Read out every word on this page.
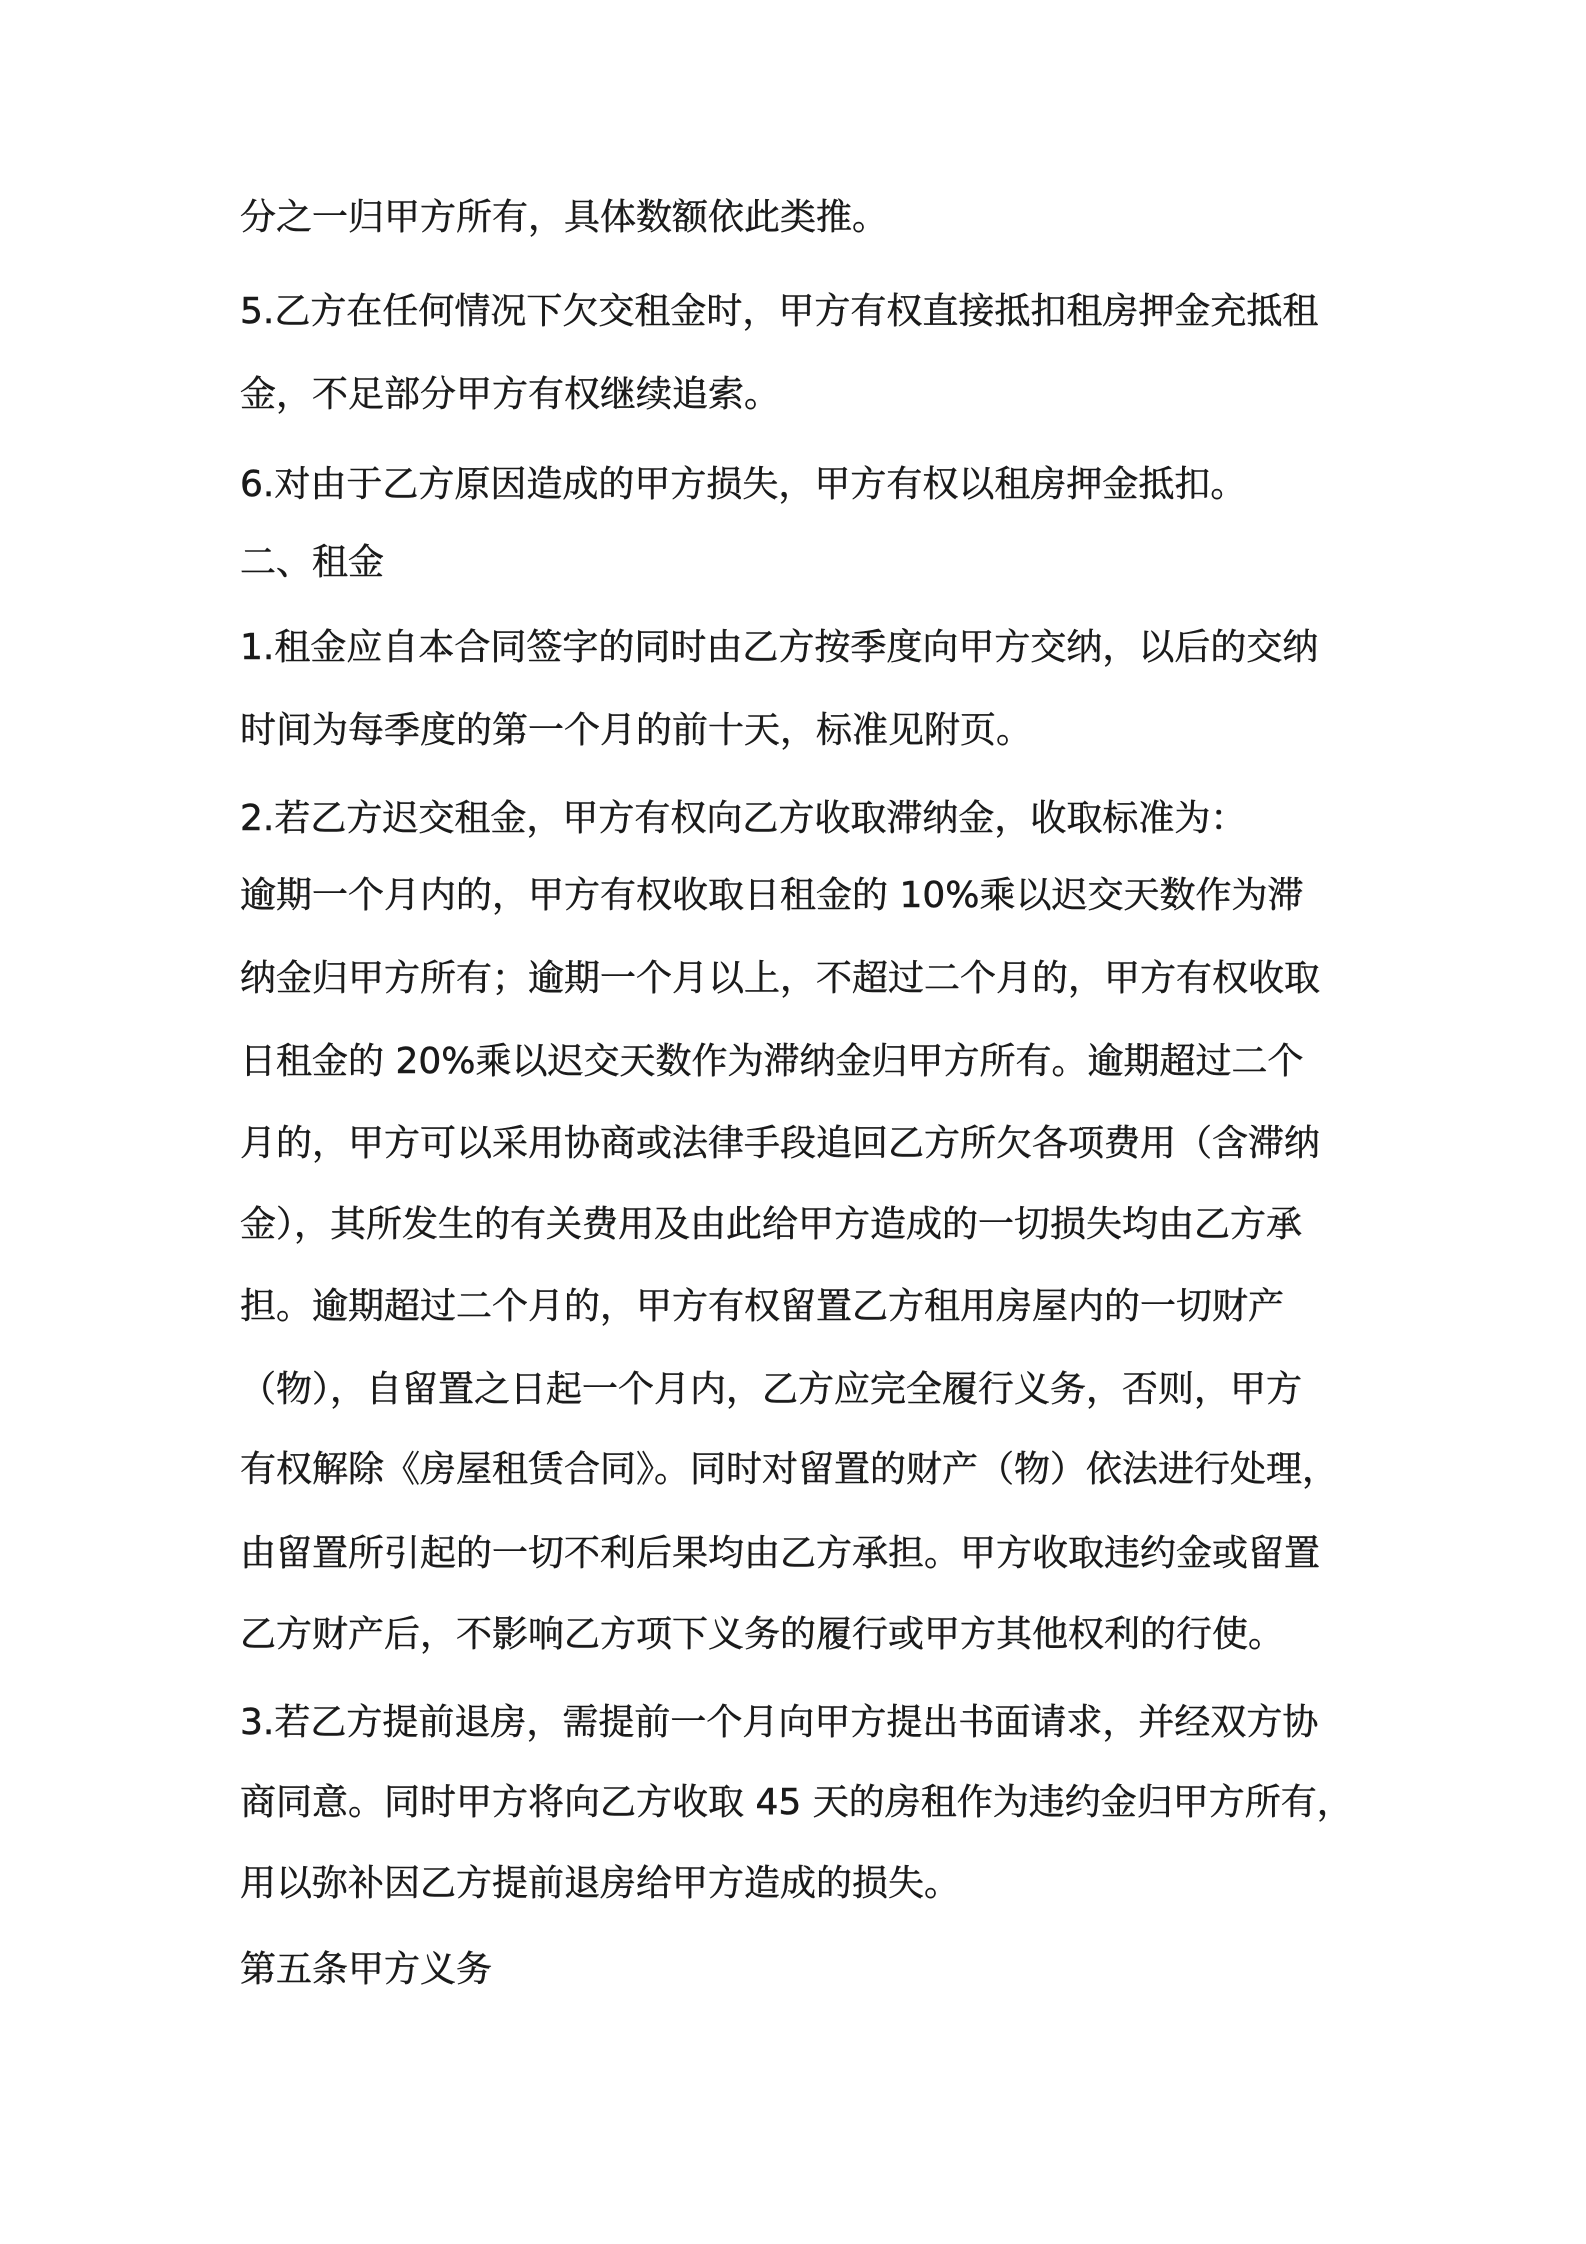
分之一归甲方所有，具体数额依此类推。
5.乙方在任何情况下欠交租金时，甲方有权直接抵扣租房押金充抵租
金，不足部分甲方有权继续追索。
6.对由于乙方原因造成的甲方损失，甲方有权以租房押金抵扣。
二、租金
1.租金应自本合同签字的同时由乙方按季度向甲方交纳，以后的交纳
时间为每季度的第一个月的前十天，标准见附页。
2.若乙方迟交租金，甲方有权向乙方收取滞纳金，收取标准为：
逾期一个月内的，甲方有权收取日租金的 10%乘以迟交天数作为滞
纳金归甲方所有；逾期一个月以上，不超过二个月的，甲方有权收取
日租金的 20%乘以迟交天数作为滞纳金归甲方所有。逾期超过二个
月的，甲方可以采用协商或法律手段追回乙方所欠各项费用（含滞纳
金），其所发生的有关费用及由此给甲方造成的一切损失均由乙方承
担。逾期超过二个月的，甲方有权留置乙方租用房屋内的一切财产
（物），自留置之日起一个月内，乙方应完全履行义务，否则，甲方
有权解除《房屋租赁合同》。同时对留置的财产（物）依法进行处理，
由留置所引起的一切不利后果均由乙方承担。甲方收取违约金或留置
乙方财产后，不影响乙方项下义务的履行或甲方其他权利的行使。
3.若乙方提前退房，需提前一个月向甲方提出书面请求，并经双方协
商同意。同时甲方将向乙方收取 45 天的房租作为违约金归甲方所有，
用以弥补因乙方提前退房给甲方造成的损失。
第五条甲方义务
